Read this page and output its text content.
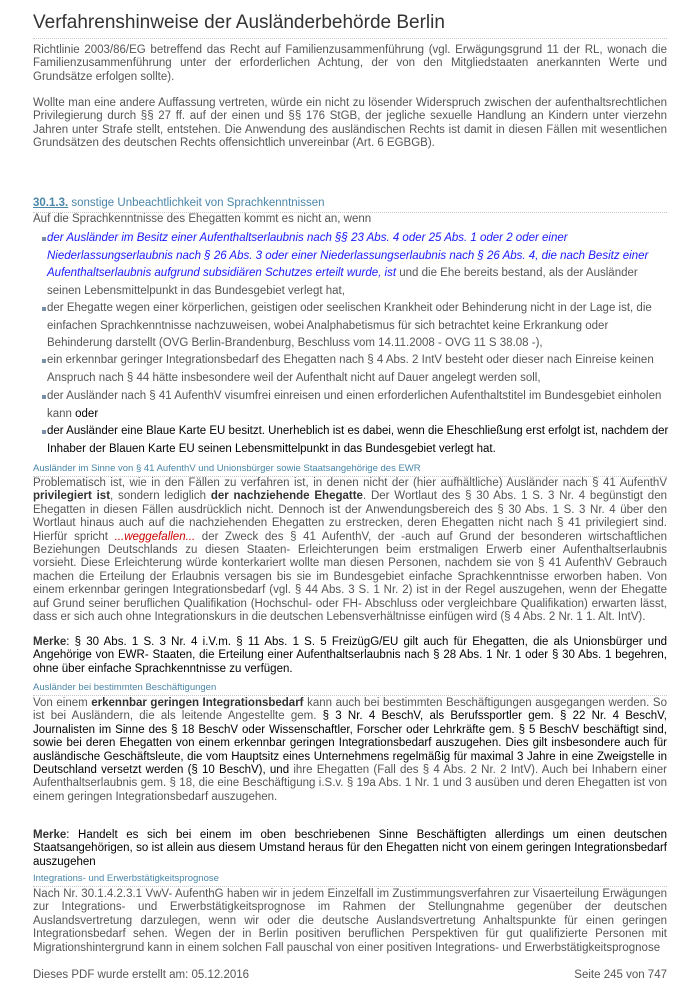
Verfahrenshinweise der Ausländerbehörde Berlin
Richtlinie 2003/86/EG betreffend das Recht auf Familienzusammenführung (vgl. Erwägungsgrund 11 der RL, wonach die Familienzusammenführung unter der erforderlichen Achtung, der von den Mitgliedstaaten anerkannten Werte und Grundsätze erfolgen sollte).
Wollte man eine andere Auffassung vertreten, würde ein nicht zu lösender Widerspruch zwischen der aufenthaltsrechtlichen Privilegierung durch §§ 27 ff. auf der einen und §§ 176 StGB, der jegliche sexuelle Handlung an Kindern unter vierzehn Jahren unter Strafe stellt, entstehen. Die Anwendung des ausländischen Rechts ist damit in diesen Fällen mit wesentlichen Grundsätzen des deutschen Rechts offensichtlich unvereinbar (Art. 6 EGBGB).
30.1.3. sonstige Unbeachtlichkeit von Sprachkenntnissen
Auf die Sprachkenntnisse des Ehegatten kommt es nicht an, wenn
der Ausländer im Besitz einer Aufenthaltserlaubnis nach §§ 23 Abs. 4 oder 25 Abs. 1 oder 2 oder einer Niederlassungserlaubnis nach § 26 Abs. 3 oder einer Niederlassungserlaubnis nach § 26 Abs. 4, die nach Besitz einer Aufenthaltserlaubnis aufgrund subsidiären Schutzes erteilt wurde, ist und die Ehe bereits bestand, als der Ausländer seinen Lebensmittelpunkt in das Bundesgebiet verlegt hat,
der Ehegatte wegen einer körperlichen, geistigen oder seelischen Krankheit oder Behinderung nicht in der Lage ist, die einfachen Sprachkenntnisse nachzuweisen, wobei Analphabetismus für sich betrachtet keine Erkrankung oder Behinderung darstellt (OVG Berlin-Brandenburg, Beschluss vom 14.11.2008 - OVG 11 S 38.08 -),
ein erkennbar geringer Integrationsbedarf des Ehegatten nach § 4 Abs. 2 IntV besteht oder dieser nach Einreise keinen Anspruch nach § 44 hätte insbesondere weil der Aufenthalt nicht auf Dauer angelegt werden soll,
der Ausländer nach § 41 AufenthV visumfrei einreisen und einen erforderlichen Aufenthaltstitel im Bundesgebiet einholen kann oder
der Ausländer eine Blaue Karte EU besitzt. Unerheblich ist es dabei, wenn die Eheschließung erst erfolgt ist, nachdem der Inhaber der Blauen Karte EU seinen Lebensmittelpunkt in das Bundesgebiet verlegt hat.
Ausländer im Sinne von § 41 AufenthV und Unionsbürger sowie Staatsangehörige des EWR
Problematisch ist, wie in den Fällen zu verfahren ist, in denen nicht der (hier aufhältliche) Ausländer nach § 41 AufenthV privilegiert ist, sondern lediglich der nachziehende Ehegatte. Der Wortlaut des § 30 Abs. 1 S. 3 Nr. 4 begünstigt den Ehegatten in diesen Fällen ausdrücklich nicht. Dennoch ist der Anwendungsbereich des § 30 Abs. 1 S. 3 Nr. 4 über den Wortlaut hinaus auch auf die nachziehenden Ehegatten zu erstrecken, deren Ehegatten nicht nach § 41 privilegiert sind. Hierfür spricht ...weggefallen... der Zweck des § 41 AufenthV, der -auch auf Grund der besonderen wirtschaftlichen Beziehungen Deutschlands zu diesen Staaten- Erleichterungen beim erstmaligen Erwerb einer Aufenthaltserlaubnis vorsieht. Diese Erleichterung würde konterkariert wollte man diesen Personen, nachdem sie von § 41 AufenthV Gebrauch machen die Erteilung der Erlaubnis versagen bis sie im Bundesgebiet einfache Sprachkenntnisse erworben haben. Von einem erkennbar geringen Integrationsbedarf (vgl. § 44 Abs. 3 S. 1 Nr. 2) ist in der Regel auszugehen, wenn der Ehegatte auf Grund seiner beruflichen Qualifikation (Hochschul- oder FH- Abschluss oder vergleichbare Qualifikation) erwarten lässt, dass er sich auch ohne Integrationskurs in die deutschen Lebensverhältnisse einfügen wird (§ 4 Abs. 2 Nr. 1 1. Alt. IntV).
Merke: § 30 Abs. 1 S. 3 Nr. 4 i.V.m. § 11 Abs. 1 S. 5 FreizügG/EU gilt auch für Ehegatten, die als Unionsbürger und Angehörige von EWR- Staaten, die Erteilung einer Aufenthaltserlaubnis nach § 28 Abs. 1 Nr. 1 oder § 30 Abs. 1 begehren, ohne über einfache Sprachkenntnisse zu verfügen.
Ausländer bei bestimmten Beschäftigungen
Von einem erkennbar geringen Integrationsbedarf kann auch bei bestimmten Beschäftigungen ausgegangen werden. So ist bei Ausländern, die als leitende Angestellte gem. § 3 Nr. 4 BeschV, als Berufssportler gem. § 22 Nr. 4 BeschV, Journalisten im Sinne des § 18 BeschV oder Wissenschaftler, Forscher oder Lehrkräfte gem. § 5 BeschV beschäftigt sind, sowie bei deren Ehegatten von einem erkennbar geringen Integrationsbedarf auszugehen. Dies gilt insbesondere auch für ausländische Geschäftsleute, die vom Hauptsitz eines Unternehmens regelmäßig für maximal 3 Jahre in eine Zweigstelle in Deutschland versetzt werden (§ 10 BeschV), und ihre Ehegatten (Fall des § 4 Abs. 2 Nr. 2 IntV). Auch bei Inhabern einer Aufenthaltserlaubnis gem. § 18, die eine Beschäftigung i.S.v. § 19a Abs. 1 Nr. 1 und 3 ausüben und deren Ehegatten ist von einem geringen Integrationsbedarf auszugehen.
Merke: Handelt es sich bei einem im oben beschriebenen Sinne Beschäftigten allerdings um einen deutschen Staatsangehörigen, so ist allein aus diesem Umstand heraus für den Ehegatten nicht von einem geringen Integrationsbedarf auszugehen
Integrations- und Erwerbstätigkeitsprognose
Nach Nr. 30.1.4.2.3.1 VwV- AufenthG haben wir in jedem Einzelfall im Zustimmungsverfahren zur Visaerteilung Erwägungen zur Integrations- und Erwerbstätigkeitsprognose im Rahmen der Stellungnahme gegenüber der deutschen Auslandsvertretung darzulegen, wenn wir oder die deutsche Auslandsvertretung Anhaltspunkte für einen geringen Integrationsbedarf sehen. Wegen der in Berlin positiven beruflichen Perspektiven für gut qualifizierte Personen mit Migrationshintergrund kann in einem solchen Fall pauschal von einer positiven Integrations- und Erwerbstätigkeitsprognose
Dieses PDF wurde erstellt am: 05.12.2016	Seite 245 von 747
